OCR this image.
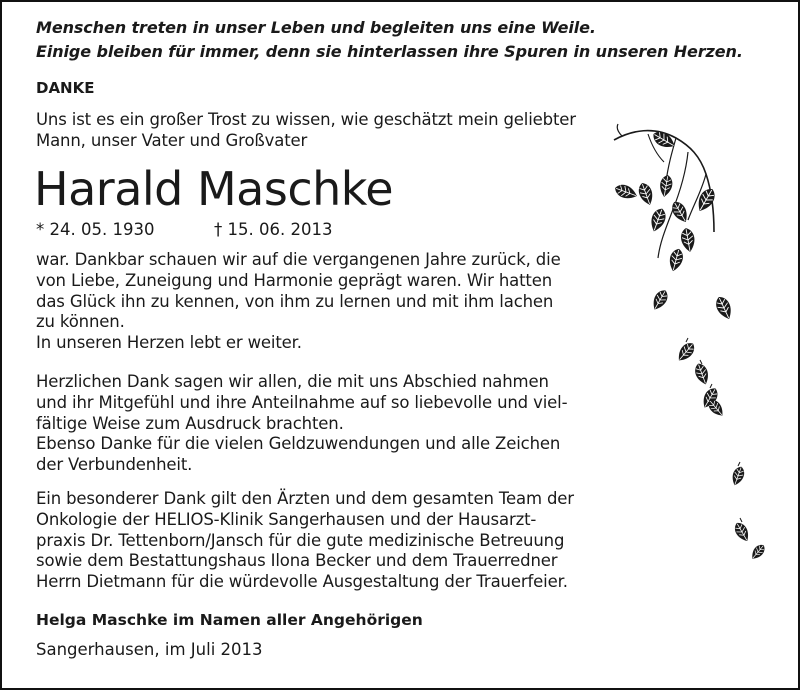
Menschen treten in unser Leben und begleiten uns eine Weile.
Einige bleiben für immer, denn sie hinterlassen ihre Spuren in unseren Herzen.
DANKE
Uns ist es ein großer Trost zu wissen, wie geschätzt mein geliebter
Mann, unser Vater und Großvater
Harald Maschke
* 24. 05. 1930	† 15. 06. 2013
war. Dankbar schauen wir auf die vergangenen Jahre zurück, die
von Liebe, Zuneigung und Harmonie geprägt waren. Wir hatten
das Glück ihn zu kennen, von ihm zu lernen und mit ihm lachen
zu können.
In unseren Herzen lebt er weiter.
Herzlichen Dank sagen wir allen, die mit uns Abschied nahmen
und ihr Mitgefühl und ihre Anteilnahme auf so liebevolle und viel-
fältige Weise zum Ausdruck brachten.
Ebenso Danke für die vielen Geldzuwendungen und alle Zeichen
der Verbundenheit.
Ein besonderer Dank gilt den Ärzten und dem gesamten Team der
Onkologie der HELIOS-Klinik Sangerhausen und der Hausarzt-
praxis Dr. Tettenborn/Jansch für die gute medizinische Betreuung
sowie dem Bestattungshaus Ilona Becker und dem Trauerredner
Herrn Dietmann für die würdevolle Ausgestaltung der Trauerfeier.
Helga Maschke im Namen aller Angehörigen
Sangerhausen, im Juli 2013
